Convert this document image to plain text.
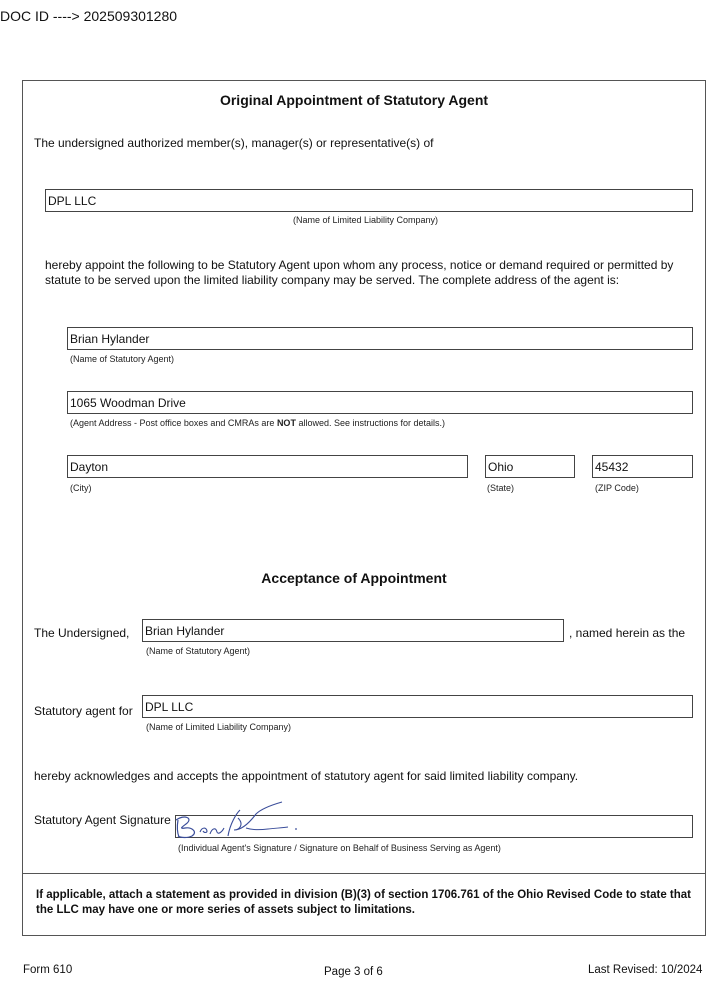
DOC ID ----> 202509301280
Original Appointment of Statutory Agent
The undersigned authorized member(s), manager(s) or representative(s) of
DPL LLC
(Name of Limited Liability Company)
hereby appoint the following to be Statutory Agent upon whom any process, notice or demand required or permitted by statute to be served upon the limited liability company may be served. The complete address of the agent is:
Brian Hylander
(Name of Statutory Agent)
1065 Woodman Drive
(Agent Address - Post office boxes and CMRAs are NOT allowed. See instructions for details.)
Dayton
(City)
Ohio
(State)
45432
(ZIP Code)
Acceptance of Appointment
The Undersigned, Brian Hylander	, named herein as the
(Name of Statutory Agent)
Statutory agent for DPL LLC
(Name of Limited Liability Company)
hereby acknowledges and accepts the appointment of statutory agent for said limited liability company.
Statutory Agent Signature
(Individual Agent's Signature / Signature on Behalf of Business Serving as Agent)
If applicable, attach a statement as provided in division (B)(3) of section 1706.761 of the Ohio Revised Code to state that the LLC may have one or more series of assets subject to limitations.
Form 610	Page 3 of 6	Last Revised: 10/2024
